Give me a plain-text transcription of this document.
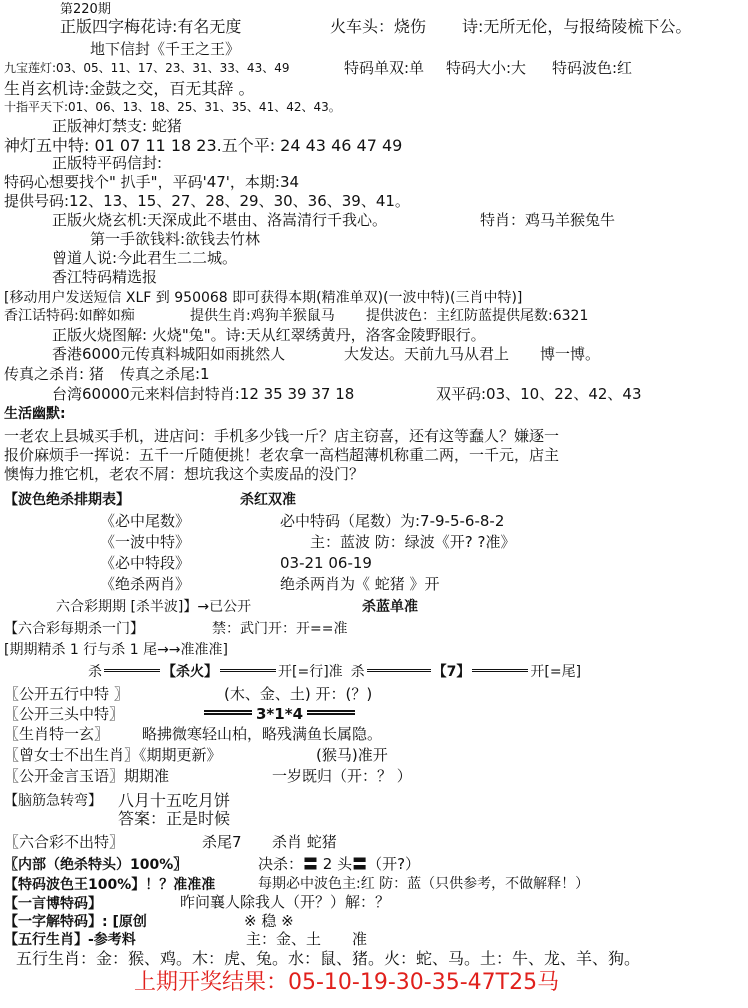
第220期
正版四字梅花诗:有名无度	火车头：烧伤 诗:无所无伦，与报绮陵梳下公。
地下信封《千王之王》
九宝莲灯:03、05、11、17、23、31、33、43、49	特码单双:单 特码大小:大 特码波色:红
生肖玄机诗:金鼓之交，百无其辞 。
十指平天下:01、06、13、18、25、31、35、41、42、43。
正版神灯禁支: 蛇猪
神灯五中特: 01 07 11 18 23.五个平: 24 43 46 47 49
正版特平码信封:
特码心想要找个" 扒手"，平码'47'，本期:34
提供号码:12、13、15、27、28、29、30、36、39、41。
正版火烧玄机:天深成此不堪由、洛嵩清行千我心。	特肖：鸡马羊猴兔牛
第一手欲钱料:欲钱去竹林
曾道人说:今此君生二二城。
香江特码精选报
[移动用户发送短信 XLF 到 950068 即可获得本期(精准单双)(一波中特)(三肖中特)]
香江话特码:如醉如痴	提供生肖:鸡狗羊猴鼠马 提供波色：主红防蓝提供尾数:6321
正版火烧图解: 火烧"兔"。诗:天从红翠绣黄丹，洛客金陵野眼行。
香港6000元传真料城阳如雨挑然人	大发达。天前九马从君上 博一博。
传真之杀肖: 猪 传真之杀尾:1
台湾60000元来料信封特肖:12 35 39 37 18	双平码:03、10、22、42、43
生活幽默:
一老农上县城买手机，进店问：手机多少钱一斤？店主窃喜，还有这等蠢人？嫌逐一
报价麻烦手一挥说：五千一斤随便挑！老农拿一高档超薄机称重二两，一千元，店主
懊悔力推它机，老农不屑：想坑我这个卖废品的没门？
【波色绝杀排期表】	杀红双准
《必中尾数》	必中特码（尾数）为:7-9-5-6-8-2
《一波中特》	主：蓝波 防：绿波《开? ?准》
《必中特段》	03-21 06-19
《绝杀两肖》	绝杀两肖为《 蛇猪 》开
六合彩期期 [杀半波]】→已公开	杀蓝单准
【六合彩每期杀一门】	禁：武门开：开==准
[期期精杀 1 行与杀 1 尾→→准准准]
杀	【杀火】	开[=行]准 杀	【7】	开[=尾]
〖公开五行中特 〗	(木、金、土) 开：(？)
〖公开三头中特〗	3*1*4
〖生肖特一玄〗 略拂微寒轻山柏，略残满鱼长属隐。
〖曾女士不出生肖〗《期期更新》	(猴马)准开
〖公开金言玉语〗期期准	一岁既归（开：？ ）
【脑筋急转弯】 八月十五吃月饼
答案：正是时候
〖六合彩不出特〗	杀尾7 杀肖 蛇猪
〖内部（绝杀特头）100%〗	决杀：〓 2 头〓（开?）
【特码波色王100%】！？准准准	每期必中波色主:红 防：蓝（只供参考，不做解释！）
【一言博特码】	昨问襄人除我人（开？）解：？
【一字解特码】: [原创	※ 稳 ※
【五行生肖】-参考料	主：金、土 准
五行生肖：金：猴、鸡。木：虎、兔。水：鼠、猪。火：蛇、马。土：牛、龙、羊、狗。
上期开奖结果：05-10-19-30-35-47T25马
